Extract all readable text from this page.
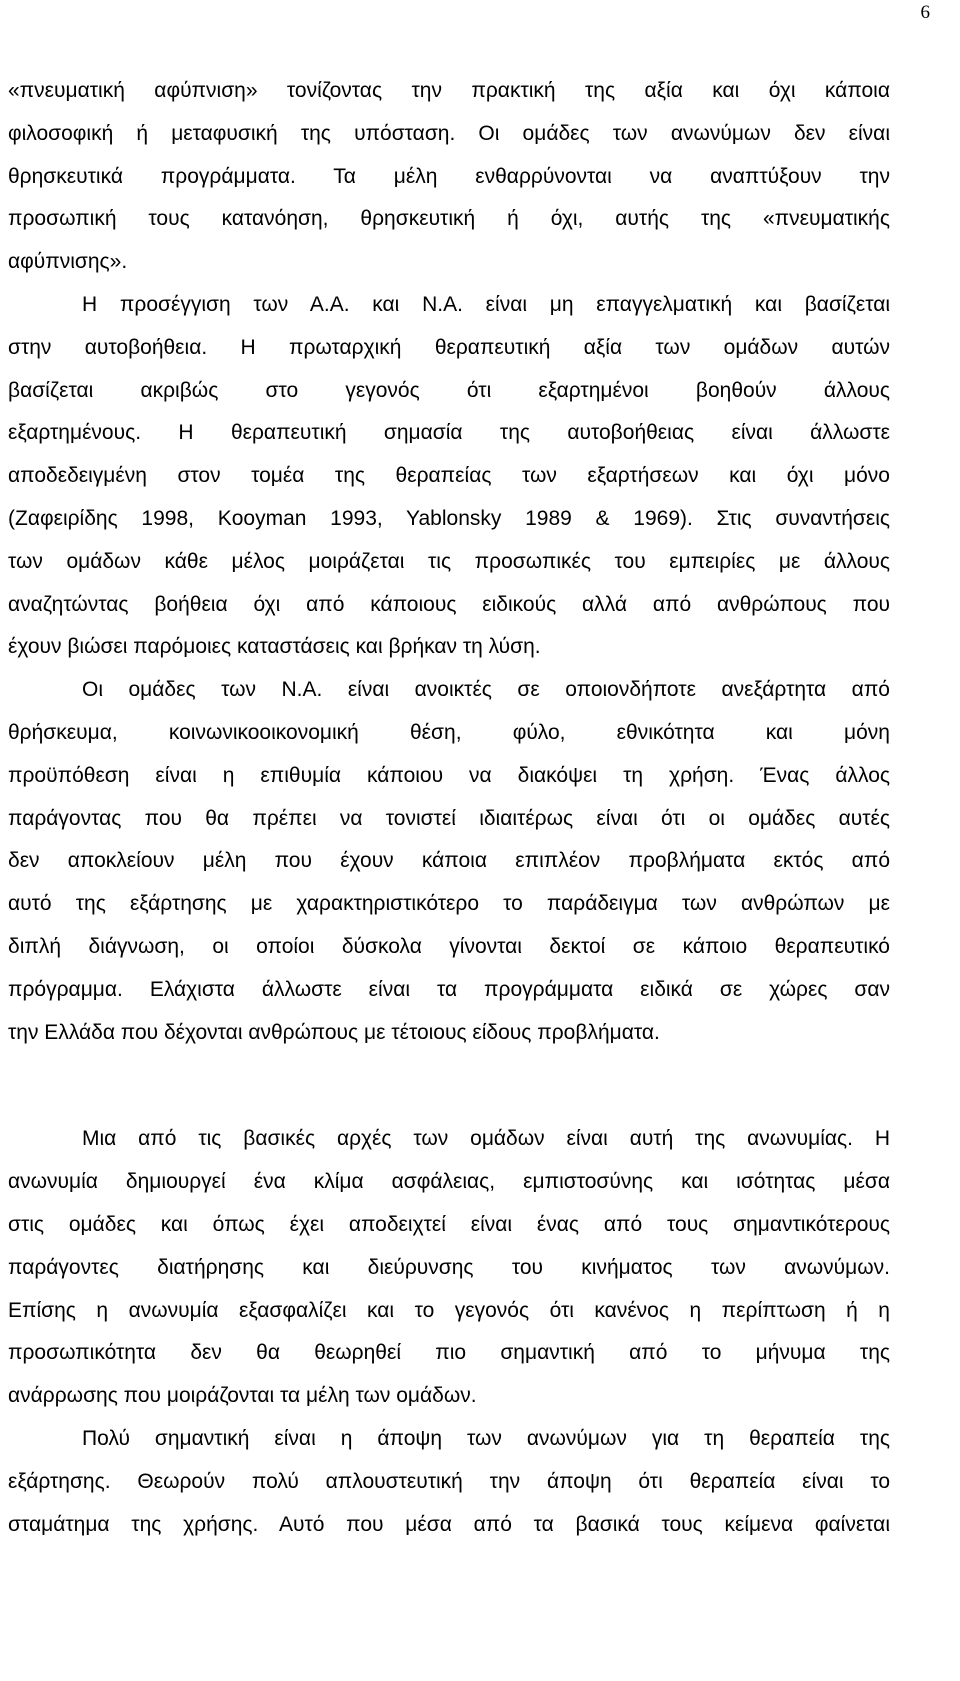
6
«πνευματική αφύπνιση» τονίζοντας την πρακτική της αξία και όχι κάποια
φιλοσοφική ή μεταφυσική της υπόσταση. Οι ομάδες των ανωνύμων δεν είναι
θρησκευτικά προγράμματα. Τα μέλη ενθαρρύνονται να αναπτύξουν την
προσωπική τους κατανόηση, θρησκευτική ή όχι, αυτής της «πνευματικής
αφύπνισης».
Η προσέγγιση των Α.Α. και Ν.Α. είναι μη επαγγελματική και βασίζεται
στην αυτοβοήθεια. Η πρωταρχική θεραπευτική αξία των ομάδων αυτών
βασίζεται ακριβώς στο γεγονός ότι εξαρτημένοι βοηθούν άλλους
εξαρτημένους. Η θεραπευτική σημασία της αυτοβοήθειας είναι άλλωστε
αποδεδειγμένη στον τομέα της θεραπείας των εξαρτήσεων και όχι μόνο
(Ζαφειρίδης 1998, Kooyman 1993, Yablonsky 1989 & 1969). Στις συναντήσεις
των ομάδων κάθε μέλος μοιράζεται τις προσωπικές του εμπειρίες με άλλους
αναζητώντας βοήθεια όχι από κάποιους ειδικούς αλλά από ανθρώπους που
έχουν βιώσει παρόμοιες καταστάσεις και βρήκαν τη λύση.
Οι ομάδες των Ν.Α. είναι ανοικτές σε οποιονδήποτε ανεξάρτητα από
θρήσκευμα, κοινωνικοοικονομική θέση, φύλο, εθνικότητα και μόνη
προϋπόθεση είναι η επιθυμία κάποιου να διακόψει τη χρήση. Ένας άλλος
παράγοντας που θα πρέπει να τονιστεί ιδιαιτέρως είναι ότι οι ομάδες αυτές
δεν αποκλείουν μέλη που έχουν κάποια επιπλέον προβλήματα εκτός από
αυτό της εξάρτησης με χαρακτηριστικότερο το παράδειγμα των ανθρώπων με
διπλή διάγνωση, οι οποίοι δύσκολα γίνονται δεκτοί σε κάποιο θεραπευτικό
πρόγραμμα. Ελάχιστα άλλωστε είναι τα προγράμματα ειδικά σε χώρες σαν
την Ελλάδα που δέχονται ανθρώπους με τέτοιους είδους προβλήματα.
Μια από τις βασικές αρχές των ομάδων είναι αυτή της ανωνυμίας. Η
ανωνυμία δημιουργεί ένα κλίμα ασφάλειας, εμπιστοσύνης και ισότητας μέσα
στις ομάδες και όπως έχει αποδειχτεί είναι ένας από τους σημαντικότερους
παράγοντες διατήρησης και διεύρυνσης του κινήματος των ανωνύμων.
Επίσης η ανωνυμία εξασφαλίζει και το γεγονός ότι κανένος η περίπτωση ή η
προσωπικότητα δεν θα θεωρηθεί πιο σημαντική από το μήνυμα της
ανάρρωσης που μοιράζονται τα μέλη των ομάδων.
Πολύ σημαντική είναι η άποψη των ανωνύμων για τη θεραπεία της
εξάρτησης. Θεωρούν πολύ απλουστευτική την άποψη ότι θεραπεία είναι το
σταμάτημα της χρήσης. Αυτό που μέσα από τα βασικά τους κείμενα φαίνεται
